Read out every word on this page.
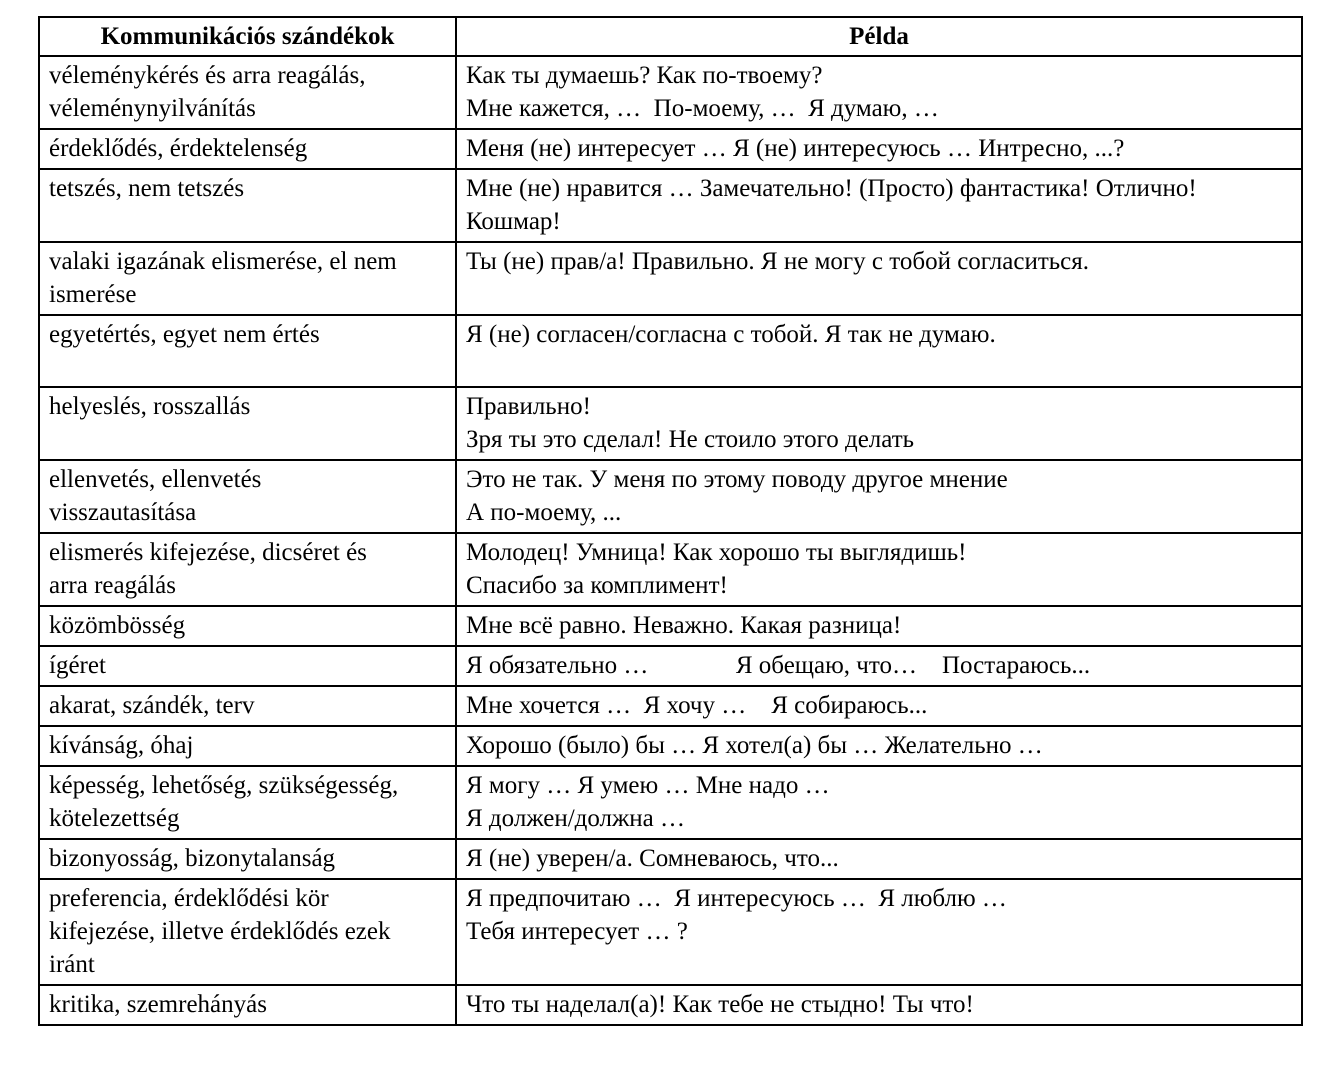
Kommunikációs szándékok	Példa

véleménykérés és arra reagálás,
véleménynyilvánítás	Как ты думаешь? Как по-твоему?
Мне кажется, …  По-моему, …  Я думаю, …

érdeklődés, érdektelenség	Меня (не) интересует … Я (не) интересуюсь … Интресно, ...?

tetszés, nem tetszés	Мне (не) нравится … Замечательно! (Просто) фантастика! Отлично!
Кошмар!

valaki igazának elismerése, el nem
ismerése	Ты (не) прав/а! Правильно. Я не могу с тобой согласиться.

egyetértés, egyet nem értés	Я (не) согласен/согласна с тобой. Я так не думаю.

helyeslés, rosszallás	Правильно!
Зря ты это сделал! Не стоило этого делать

ellenvetés, ellenvetés
visszautasítása	Это не так. У меня по этому поводу другое мнение
А по-моему, ...

elismerés kifejezése, dicséret és
arra reagálás	Молодец! Умница! Как хорошо ты выглядишь!
Спасибо за комплимент!

közömbösség	Мне всё равно. Неважно. Какая разница!

ígéret	Я обязательно …              Я обещаю, что…    Постараюсь...

akarat, szándék, terv	Мне хочется …  Я хочу …    Я собираюсь...

kívánság, óhaj	Хорошо (было) бы … Я хотел(а) бы … Желательно …

képesség, lehetőség, szükségesség,
kötelezettség	Я могу … Я умею … Мне надо …
Я должен/должна …

bizonyosság, bizonytalanság	Я (не) уверен/а. Сомневаюсь, что...

preferencia, érdeklődési kör
kifejezése, illetve érdeklődés ezek
iránt	Я предпочитаю …  Я интересуюсь …  Я люблю …
Тебя интересует … ?

kritika, szemrehányás	Что ты наделал(а)! Как тебе не стыдно! Ты что!
